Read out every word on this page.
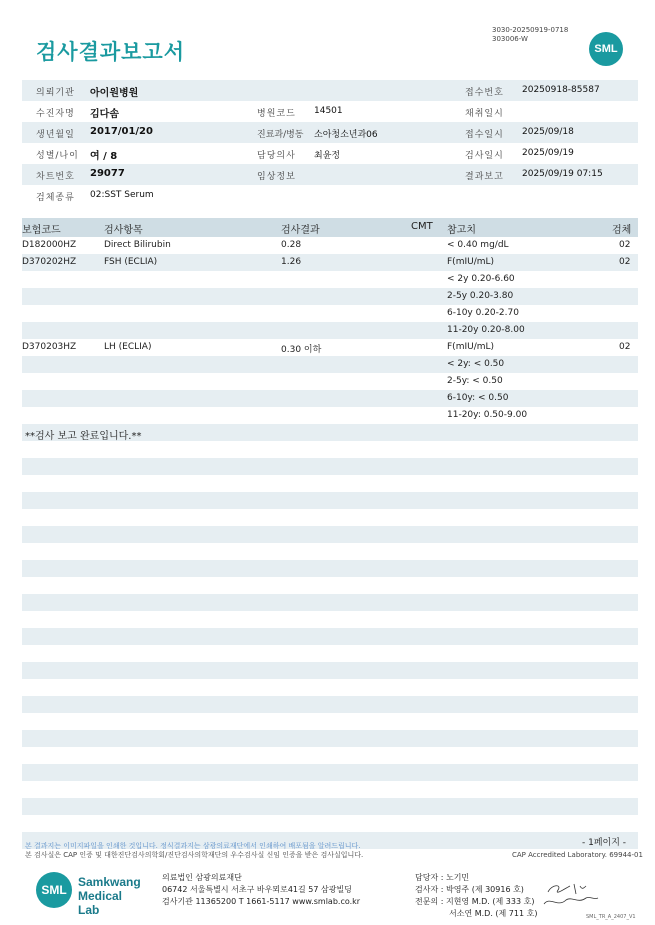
검사결과보고서
3030-20250919-0718
303006-W
SML
의뢰기관 아이원병원	접수번호 20250918-85587
수진자명 김다솜	병원코드 14501	채취일시
생년월일 2017/01/20	진료과/병동 소아청소년과06	접수일시 2025/09/18
성별/나이 여 / 8	담당의사 최윤정	검사일시 2025/09/19
차트번호 29077	임상정보	결과보고 2025/09/19 07:15
검체종류 02:SST Serum
보험코드	검사항목	검사결과	CMT 참고치	검체
D182000HZ	Direct Bilirubin	0.28	< 0.40 mg/dL	02
D370202HZ	FSH (ECLIA)	1.26	F(mIU/mL)	02
< 2y 0.20-6.60
2-5y 0.20-3.80
6-10y 0.20-2.70
11-20y 0.20-8.00
D370203HZ	LH (ECLIA)	0.30 이하	F(mIU/mL)	02
< 2y: < 0.50
2-5y: < 0.50
6-10y: < 0.50
11-20y: 0.50-9.00
**검사 보고 완료입니다.**
본 결과지는 이미지파일을 인쇄한 것입니다. 정식결과지는 삼광의료재단에서 인쇄하여 배포됨을 알려드립니다.
본 검사실은 CAP 인증 및 대한진단검사의학회/진단검사의학재단의 우수검사실 신임 인증을 받은 검사실입니다.
- 1페이지 -
CAP Accredited Laboratory. 69944-01
SML
Samkwang
Medical Lab
의료법인 삼광의료재단
06742 서울특별시 서초구 바우뫼로41길 57 삼광빌딩
검사기관 11365200 T 1661-5117 www.smlab.co.kr
담당자 : 노기민
검사자 : 박영주 (제 30916 호)
전문의 : 지현영 M.D. (제 333 호)
서소연 M.D. (제 711 호)	SML_TR_A_2407_V1
